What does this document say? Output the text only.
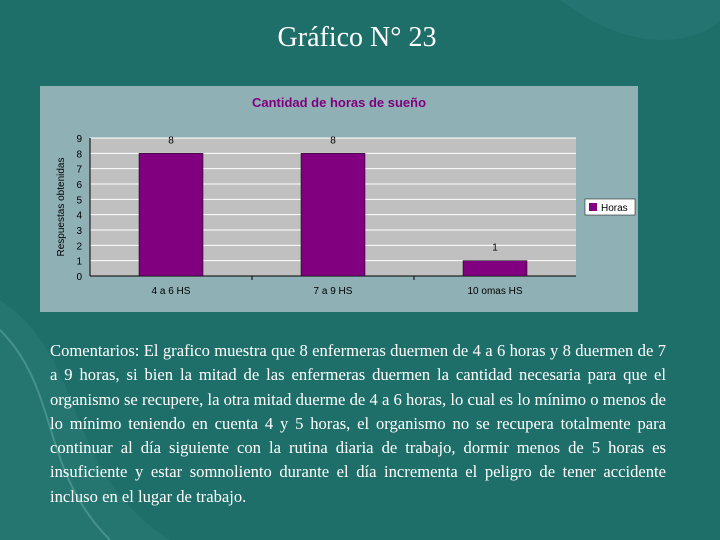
Gráfico N° 23
Cantidad de horas de sueño
0
1
2
3
4
5
6
7
8
9
Respuestas obtenidas
8
4 a 6 HS
8
7 a 9 HS
1
10 omas HS
Horas
Comentarios: El grafico muestra que 8 enfermeras duermen de 4 a 6 horas y 8 duermen de 7 a 9 horas, si bien la mitad de las enfermeras duermen la cantidad necesaria para que el organismo se recupere, la otra mitad duerme de 4 a 6 horas, lo cual es lo mínimo o menos de lo mínimo teniendo en cuenta 4 y 5 horas, el organismo no se recupera totalmente para continuar al día siguiente con la rutina diaria de trabajo, dormir menos de 5 horas es insuficiente y estar somnoliento durante el día incrementa el peligro de tener accidente incluso en el lugar de trabajo.
